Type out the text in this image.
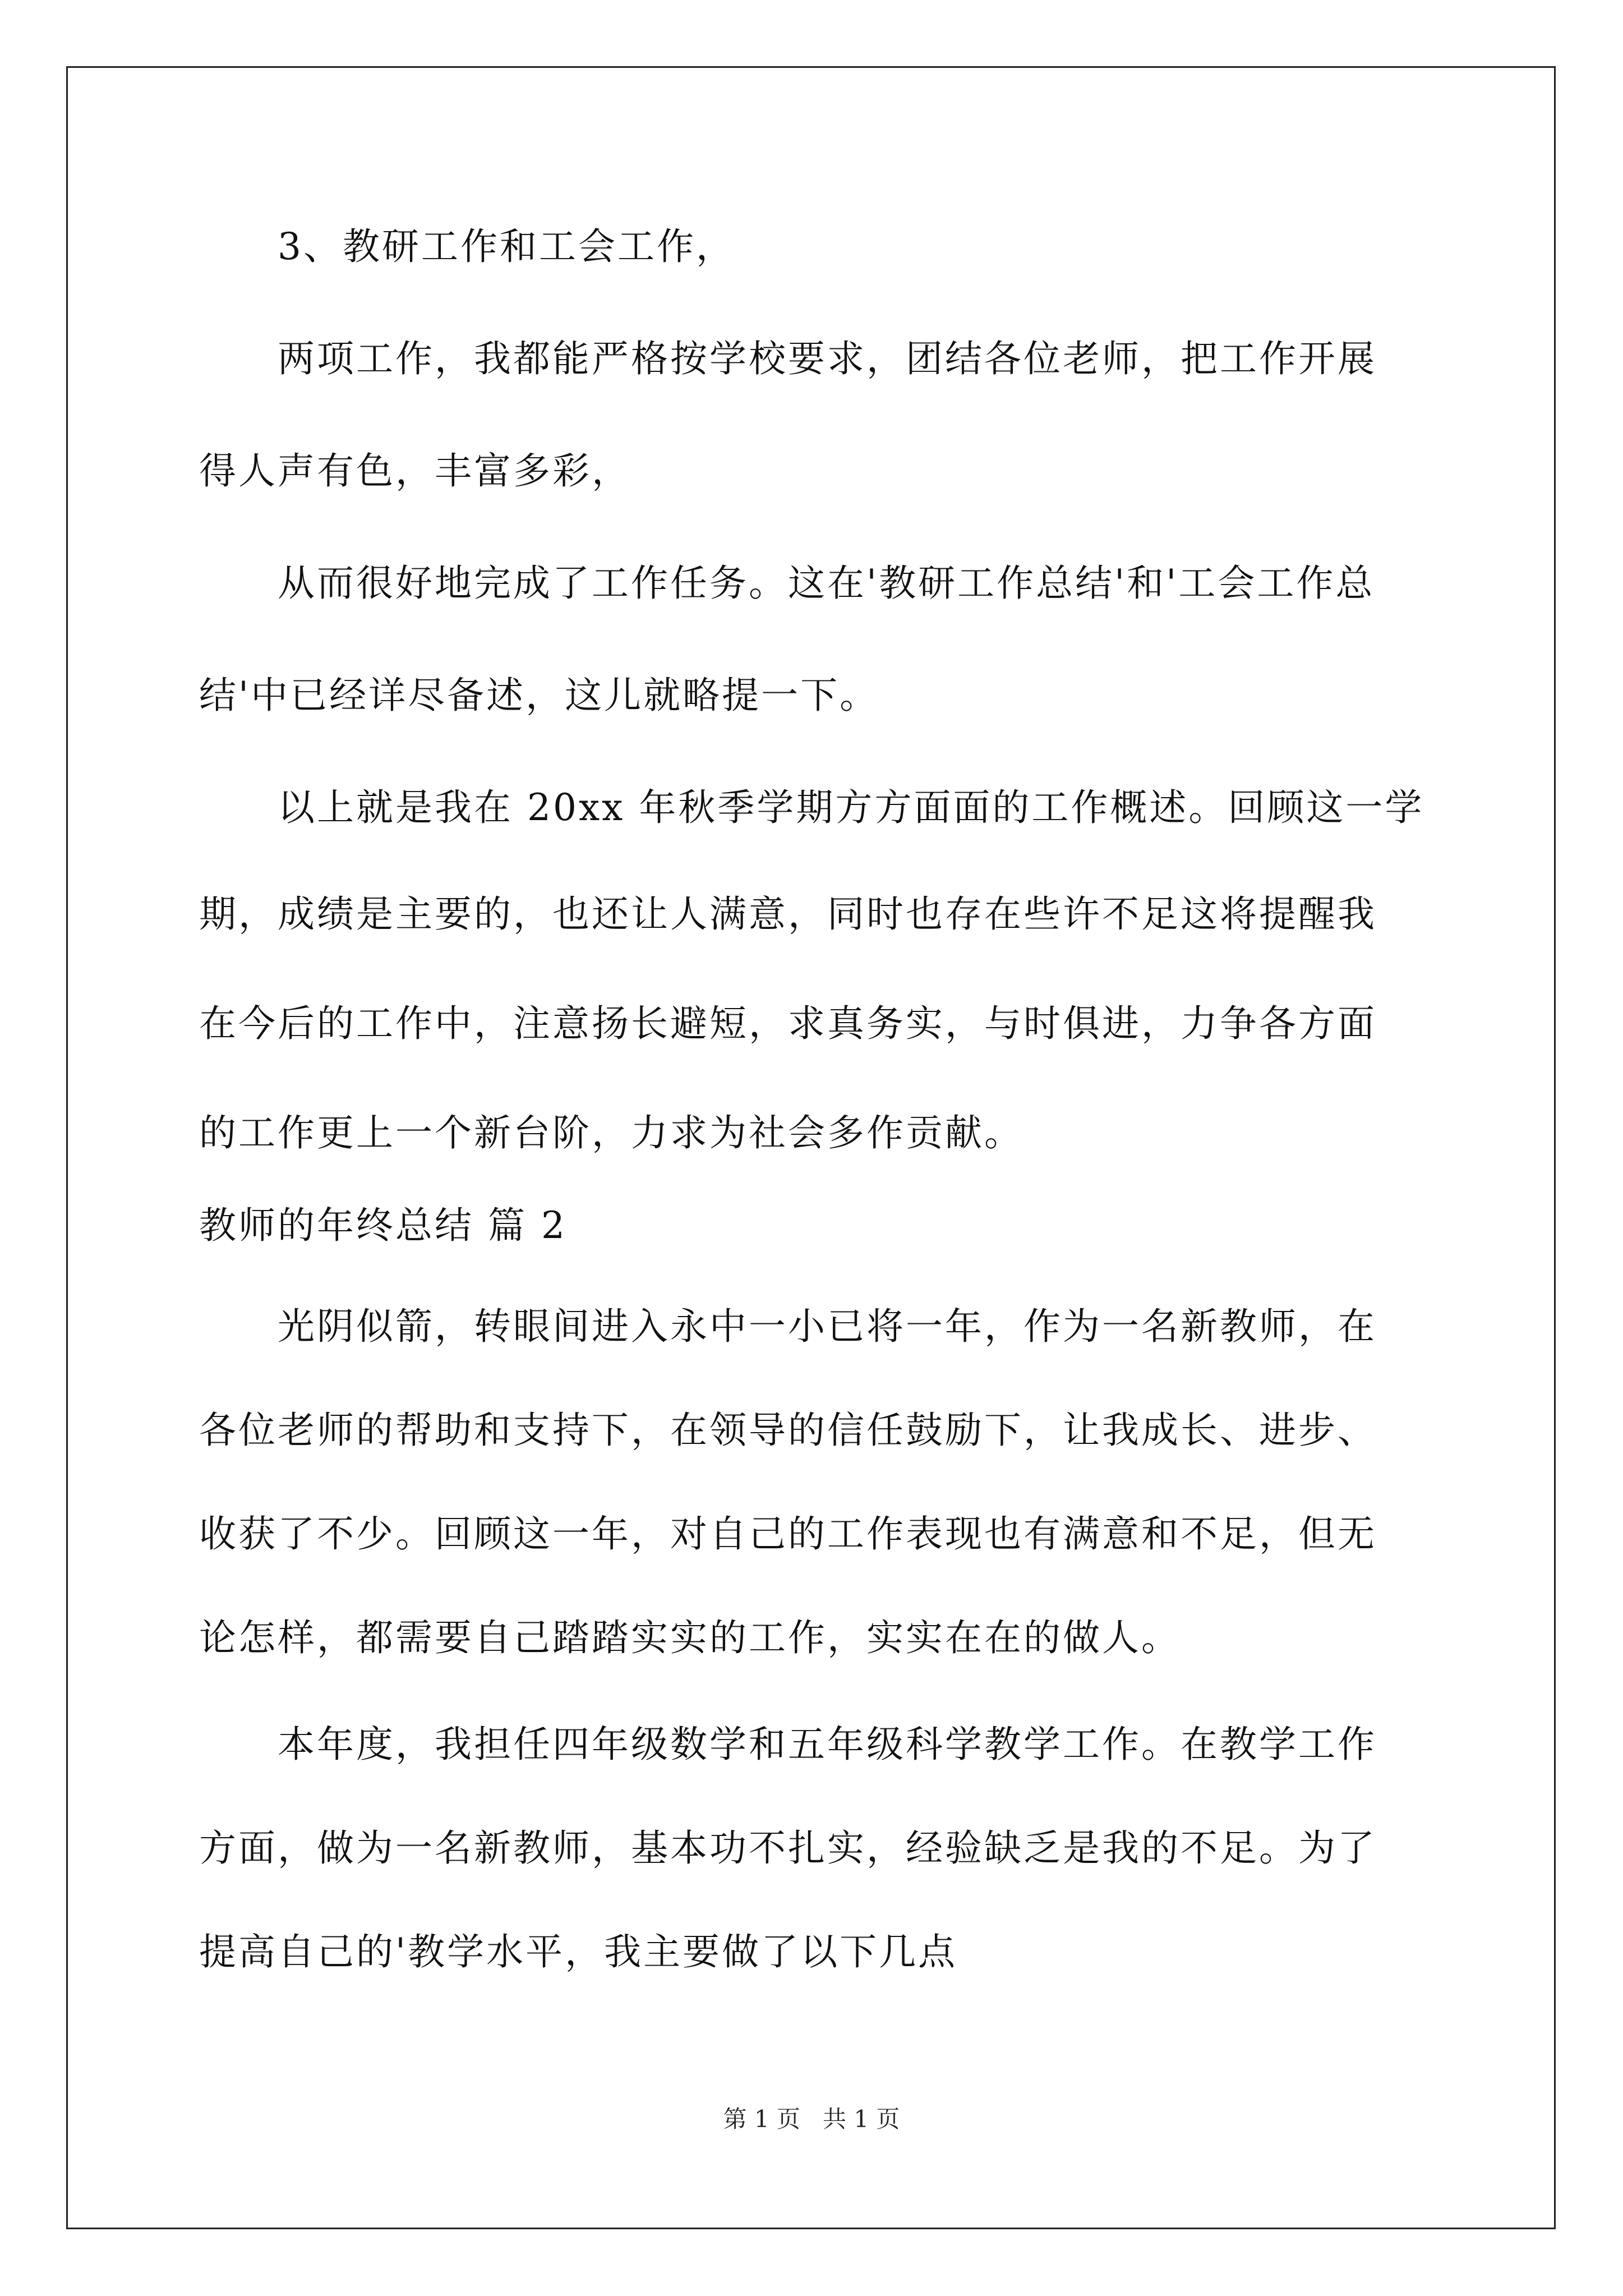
3、教研工作和工会工作，
两项工作，我都能严格按学校要求，团结各位老师，把工作开展
得人声有色，丰富多彩，
从而很好地完成了工作任务。这在'教研工作总结'和'工会工作总
结'中已经详尽备述，这儿就略提一下。
以上就是我在 20xx 年秋季学期方方面面的工作概述。回顾这一学
期，成绩是主要的，也还让人满意，同时也存在些许不足这将提醒我
在今后的工作中，注意扬长避短，求真务实，与时俱进，力争各方面
的工作更上一个新台阶，力求为社会多作贡献。
教师的年终总结 篇 2
光阴似箭，转眼间进入永中一小已将一年，作为一名新教师，在
各位老师的帮助和支持下，在领导的信任鼓励下，让我成长、进步、
收获了不少。回顾这一年，对自己的工作表现也有满意和不足，但无
论怎样，都需要自己踏踏实实的工作，实实在在的做人。
本年度，我担任四年级数学和五年级科学教学工作。在教学工作
方面，做为一名新教师，基本功不扎实，经验缺乏是我的不足。为了
提高自己的'教学水平，我主要做了以下几点
第 1 页 共 1 页
